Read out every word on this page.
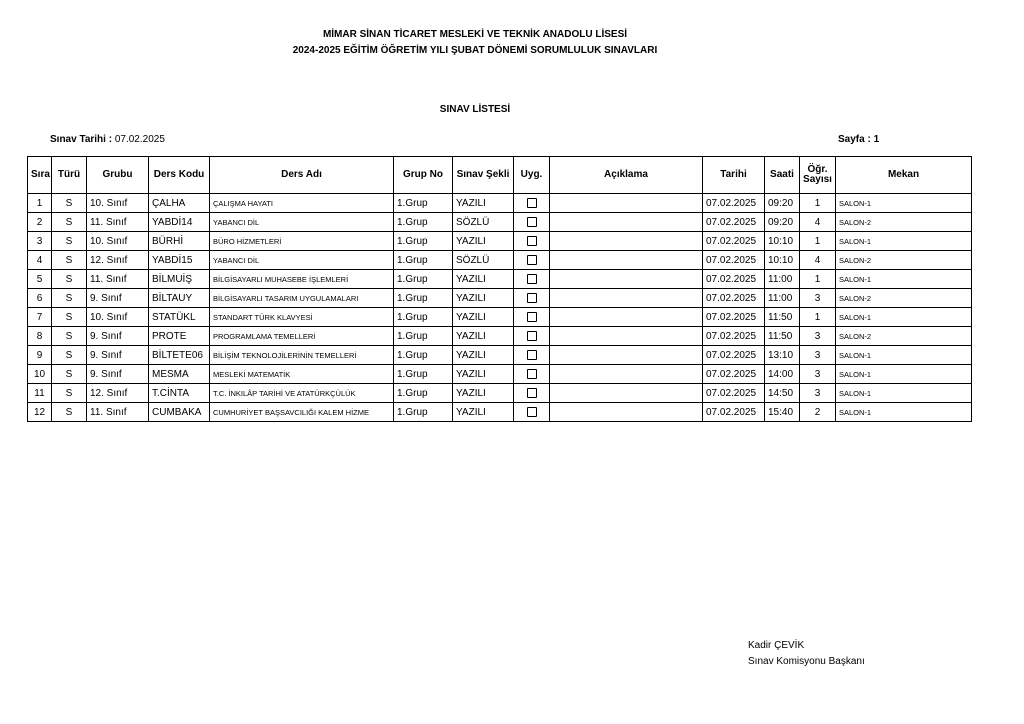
MİMAR SİNAN TİCARET MESLEKİ VE TEKNİK ANADOLU LİSESİ
2024-2025 EĞİTİM ÖĞRETİM YILI ŞUBAT DÖNEMİ SORUMLULUK SINAVLARI
SINAV LİSTESİ
Sınav Tarihi : 07.02.2025	Sayfa : 1
Sıra	Türü	Grubu	Ders Kodu	Ders Adı	Grup No	Sınav Şekli	Uyg.	Açıklama	Tarihi	Saati	Öğr. Sayısı	Mekan
1	S	10. Sınıf	ÇALHA	ÇALIŞMA HAYATI	1.Grup	YAZILI			07.02.2025	09:20	1	SALON-1
2	S	11. Sınıf	YABDİ14	YABANCI DİL	1.Grup	SÖZLÜ			07.02.2025	09:20	4	SALON-2
3	S	10. Sınıf	BÜRHİ	BÜRO HİZMETLERİ	1.Grup	YAZILI			07.02.2025	10:10	1	SALON-1
4	S	12. Sınıf	YABDİ15	YABANCI DİL	1.Grup	SÖZLÜ			07.02.2025	10:10	4	SALON-2
5	S	11. Sınıf	BİLMUİŞ	BİLGİSAYARLI MUHASEBE İŞLEMLERİ	1.Grup	YAZILI			07.02.2025	11:00	1	SALON-1
6	S	9. Sınıf	BİLTAUY	BİLGİSAYARLI TASARIM UYGULAMALARI	1.Grup	YAZILI			07.02.2025	11:00	3	SALON-2
7	S	10. Sınıf	STATÜKL	STANDART TÜRK KLAVYESİ	1.Grup	YAZILI			07.02.2025	11:50	1	SALON-1
8	S	9. Sınıf	PROTE	PROGRAMLAMA TEMELLERİ	1.Grup	YAZILI			07.02.2025	11:50	3	SALON-2
9	S	9. Sınıf	BİLTETE06	BİLİŞİM TEKNOLOJİLERİNİN TEMELLERİ	1.Grup	YAZILI			07.02.2025	13:10	3	SALON-1
10	S	9. Sınıf	MESMA	MESLEKİ MATEMATİK	1.Grup	YAZILI			07.02.2025	14:00	3	SALON-1
11	S	12. Sınıf	T.CİNTA	T.C. İNKILÂP TARİHİ VE ATATÜRKÇÜLÜK	1.Grup	YAZILI			07.02.2025	14:50	3	SALON-1
12	S	11. Sınıf	CUMBAKA	CUMHURİYET BAŞSAVCILIĞI KALEM HİZME	1.Grup	YAZILI			07.02.2025	15:40	2	SALON-1
Kadir ÇEVİK
Sınav Komisyonu Başkanı
